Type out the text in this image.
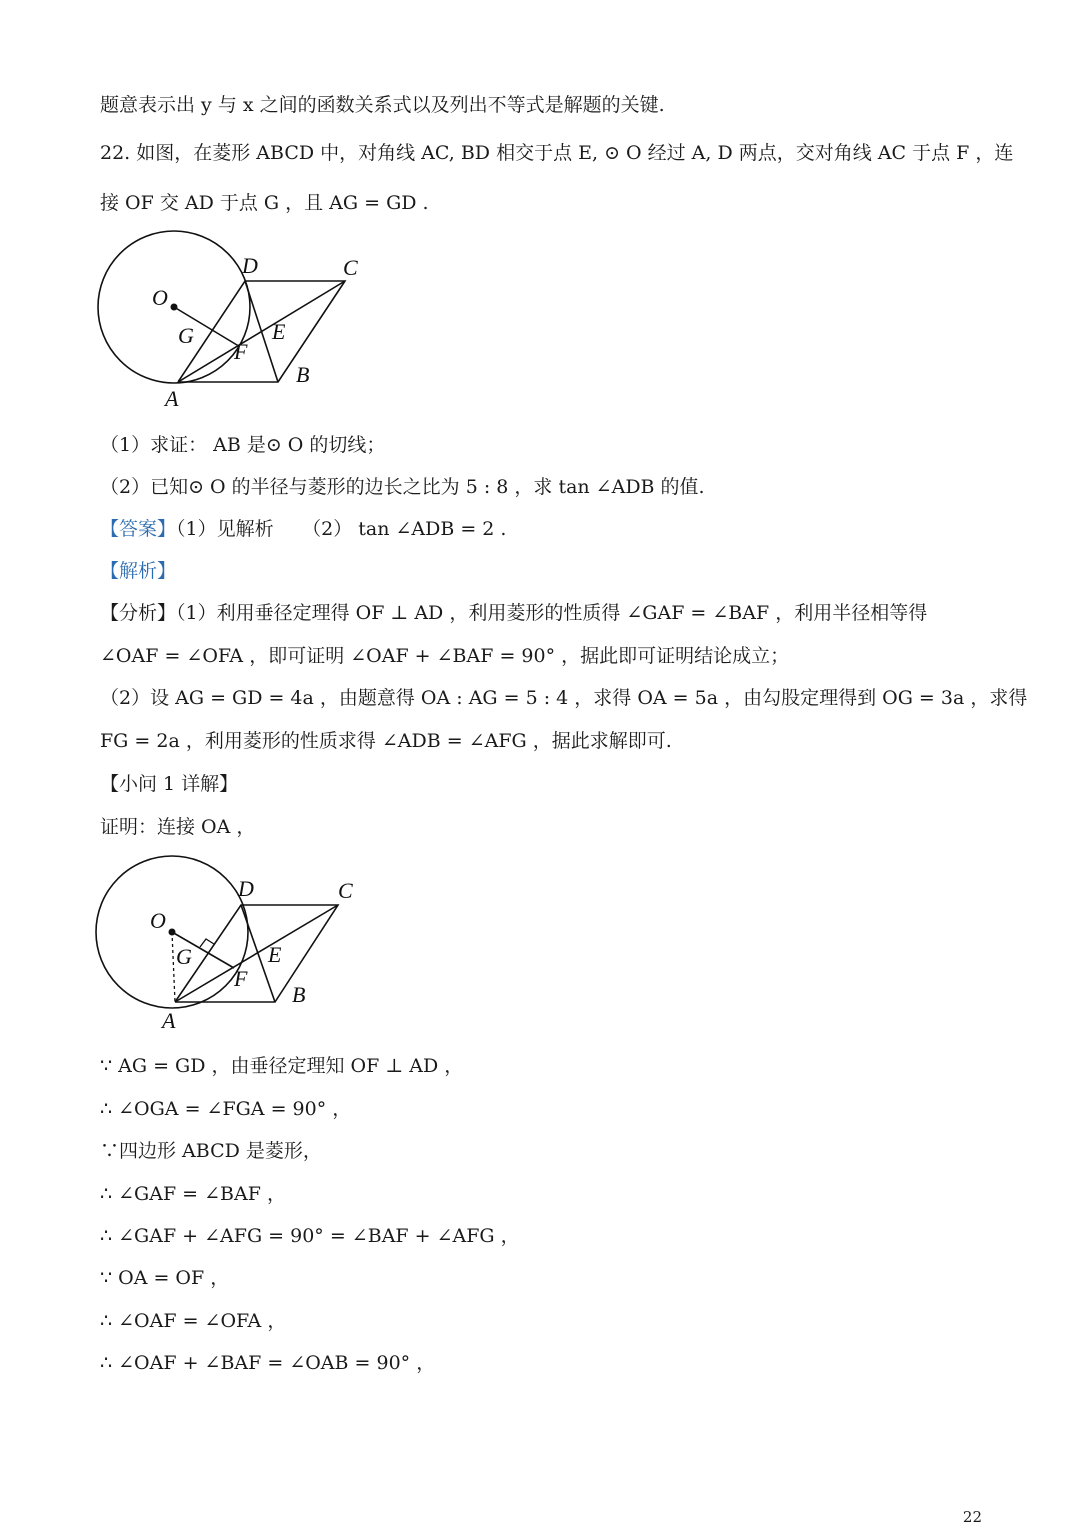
题意表示出 y 与 x 之间的函数关系式以及列出不等式是解题的关键.
22. 如图，在菱形 ABCD 中，对角线 AC, BD 相交于点 E, ⊙ O 经过 A, D 两点，交对角线 AC 于点 F ，连
接 OF 交 AD 于点 G ，且 AG = GD .
D	C
O
G	E
F
B
A
（1）求证： AB 是⊙ O 的切线；
（2）已知⊙ O 的半径与菱形的边长之比为 5 : 8 ，求 tan ∠ADB 的值.
【答案】（1）见解析　　（2） tan ∠ADB = 2 .
【解析】
【分析】（1）利用垂径定理得 OF ⊥ AD ，利用菱形的性质得 ∠GAF = ∠BAF ，利用半径相等得
∠OAF = ∠OFA ，即可证明 ∠OAF + ∠BAF = 90° ，据此即可证明结论成立；
（2）设 AG = GD = 4a ，由题意得 OA : AG = 5 : 4 ，求得 OA = 5a ，由勾股定理得到 OG = 3a ，求得
FG = 2a ，利用菱形的性质求得 ∠ADB = ∠AFG ，据此求解即可.
【小问 1 详解】
证明：连接 OA ，
D	C
O
G	E
F
B
A
∵ AG = GD ，由垂径定理知 OF ⊥ AD ，
∴ ∠OGA = ∠FGA = 90° ，
∵四边形 ABCD 是菱形，
∴ ∠GAF = ∠BAF ，
∴ ∠GAF + ∠AFG = 90° = ∠BAF + ∠AFG ，
∵ OA = OF ，
∴ ∠OAF = ∠OFA ，
∴ ∠OAF + ∠BAF = ∠OAB = 90° ，
22
